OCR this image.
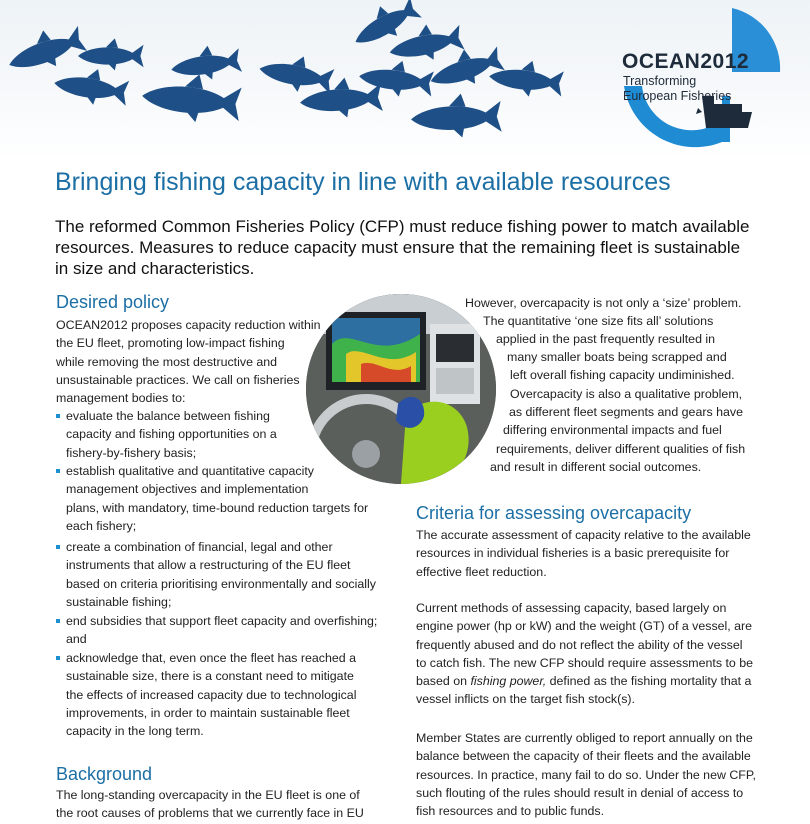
OCEAN2012
Transforming
European Fisheries
Bringing fishing capacity in line with available resources
The reformed Common Fisheries Policy (CFP) must reduce fishing power to match available resources. Measures to reduce capacity must ensure that the remaining fleet is sustainable in size and characteristics.
Desired policy
OCEAN2012 proposes capacity reduction within
the EU fleet, promoting low-impact fishing
while removing the most destructive and
unsustainable practices. We call on fisheries
management bodies to:
evaluate the balance between fishing
capacity and fishing opportunities on a
fishery-by-fishery basis;
establish qualitative and quantitative capacity
management objectives and implementation
plans, with mandatory, time-bound reduction targets for
each fishery;
create a combination of financial, legal and other
instruments that allow a restructuring of the EU fleet
based on criteria prioritising environmentally and socially
sustainable fishing;
end subsidies that support fleet capacity and overfishing;
and
acknowledge that, even once the fleet has reached a
sustainable size, there is a constant need to mitigate
the effects of increased capacity due to technological
improvements, in order to maintain sustainable fleet
capacity in the long term.
Background
The long-standing overcapacity in the EU fleet is one of
the root causes of problems that we currently face in EU
However, overcapacity is not only a ‘size’ problem.
The quantitative ‘one size fits all’ solutions
applied in the past frequently resulted in
many smaller boats being scrapped and
left overall fishing capacity undiminished.
Overcapacity is also a qualitative problem,
as different fleet segments and gears have
differing environmental impacts and fuel
requirements, deliver different qualities of fish
and result in different social outcomes.
Criteria for assessing overcapacity
The accurate assessment of capacity relative to the available
resources in individual fisheries is a basic prerequisite for
effective fleet reduction.
Current methods of assessing capacity, based largely on
engine power (hp or kW) and the weight (GT) of a vessel, are
frequently abused and do not reflect the ability of the vessel
to catch fish. The new CFP should require assessments to be
based on fishing power, defined as the fishing mortality that a
vessel inflicts on the target fish stock(s).
Member States are currently obliged to report annually on the
balance between the capacity of their fleets and the available
resources. In practice, many fail to do so. Under the new CFP,
such flouting of the rules should result in denial of access to
fish resources and to public funds.
